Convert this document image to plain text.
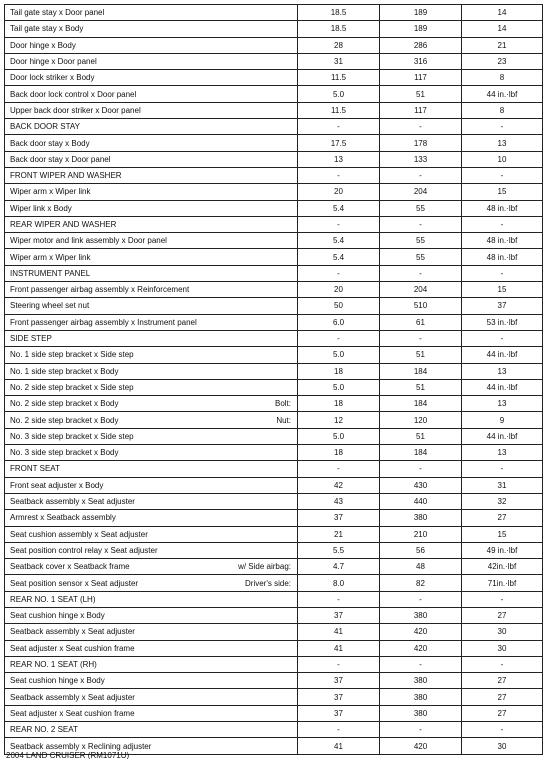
Tail gate stay x Door panel	18.5	189	14

Tail gate stay x Body	18.5	189	14

Door hinge x Body	28	286	21

Door hinge x Door panel	31	316	23

Door lock striker x Body	11.5	117	8

Back door lock control x Door panel	5.0	51	44 in.·lbf

Upper back door striker x Door panel	11.5	117	8

BACK DOOR STAY	-	-	-

Back door stay x Body	17.5	178	13

Back door stay x Door panel	13	133	10

FRONT WIPER AND WASHER	-	-	-

Wiper arm x Wiper link	20	204	15

Wiper link x Body	5.4	55	48 in.·lbf

REAR WIPER AND WASHER	-	-	-

Wiper motor and link assembly x Door panel	5.4	55	48 in.·lbf

Wiper arm x Wiper link	5.4	55	48 in.·lbf

INSTRUMENT PANEL	-	-	-

Front passenger airbag assembly x Reinforcement	20	204	15

Steering wheel set nut	50	510	37

Front passenger airbag assembly x Instrument panel	6.0	61	53 in.·lbf

SIDE STEP	-	-	-

No. 1 side step bracket x Side step	5.0	51	44 in.·lbf

No. 1 side step bracket x Body	18	184	13

No. 2 side step bracket x Side step	5.0	51	44 in.·lbf

No. 2 side step bracket x Body Bolt:	18	184	13

No. 2 side step bracket x Body Nut:	12	120	9

No. 3 side step bracket x Side step	5.0	51	44 in.·lbf

No. 3 side step bracket x Body	18	184	13

FRONT SEAT	-	-	-

Front seat adjuster x Body	42	430	31

Seatback assembly x Seat adjuster	43	440	32

Armrest x Seatback assembly	37	380	27

Seat cushion assembly x Seat adjuster	21	210	15

Seat position control relay x Seat adjuster	5.5	56	49 in.·lbf

Seatback cover x Seatback frame w/ Side airbag:	4.7	48	42in.·lbf

Seat position sensor x Seat adjuster Driver's side:	8.0	82	71in.·lbf

REAR NO. 1 SEAT (LH)	-	-	-

Seat cushion hinge x Body	37	380	27

Seatback assembly x Seat adjuster	41	420	30

Seat adjuster x Seat cushion frame	41	420	30

REAR NO. 1 SEAT (RH)	-	-	-

Seat cushion hinge x Body	37	380	27

Seatback assembly x Seat adjuster	37	380	27

Seat adjuster x Seat cushion frame	37	380	27

REAR NO. 2 SEAT	-	-	-

Seatback assembly x Reclining adjuster	41	420	30
2004 LAND CRUISER (RM1071U)
